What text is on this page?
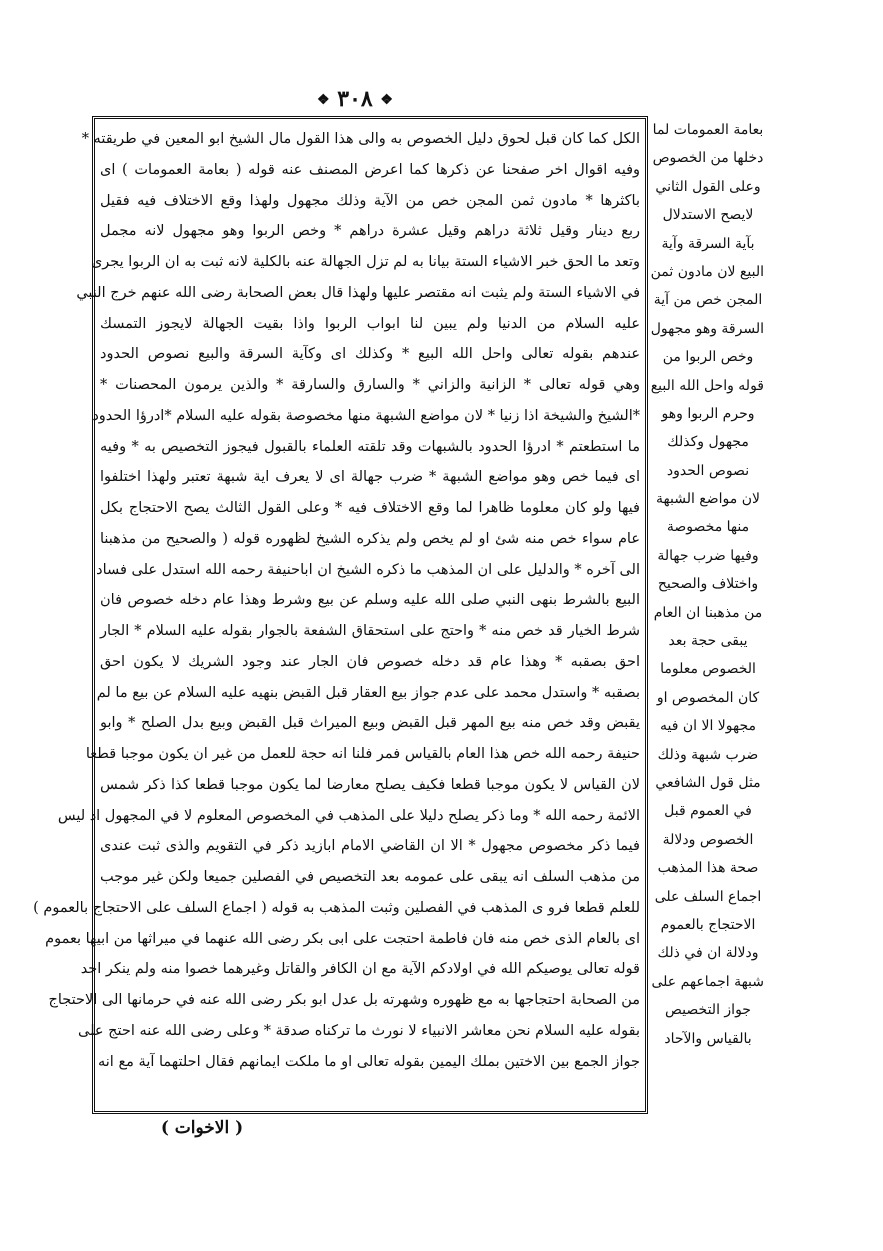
❖ ٣٠٨ ❖
الكل كما كان قبل لحوق دليل الخصوص به والى هذا القول مال الشيخ ابو المعين في طريقته *
وفيه اقوال اخر صفحنا عن ذكرها كما اعرض المصنف عنه قوله ( بعامة العمومات ) اى
باكثرها * مادون ثمن المجن خص من الآية وذلك مجهول ولهذا وقع الاختلاف فيه فقيل
ربع دينار وقيل ثلاثة دراهم وقيل عشرة دراهم * وخص الربوا وهو مجهول لانه مجمل
وتعد ما الحق خبر الاشياء الستة بيانا به لم تزل الجهالة عنه بالكلية لانه ثبت به ان الربوا يجرى
في الاشياء الستة ولم يثبت انه مقتصر عليها ولهذا قال بعض الصحابة رضى الله عنهم خرج النبي
عليه السلام من الدنيا ولم يبين لنا ابواب الربوا واذا بقيت الجهالة لايجوز التمسك
عندهم بقوله تعالى واحل الله البيع * وكذلك اى وكآية السرقة والبيع نصوص الحدود
وهي قوله تعالى * الزانية والزاني * والسارق والسارقة * والذين يرمون المحصنات *
*الشيخ والشيخة اذا زنيا * لان مواضع الشبهة منها مخصوصة بقوله عليه السلام *ادرؤا الحدود
ما استطعتم * ادرؤا الحدود بالشبهات وقد تلقته العلماء بالقبول فيجوز التخصيص به * وفيه
اى فيما خص وهو مواضع الشبهة * ضرب جهالة اى لا يعرف اية شبهة تعتبر ولهذا اختلفوا
فيها ولو كان معلوما ظاهرا لما وقع الاختلاف فيه * وعلى القول الثالث يصح الاحتجاج بكل
عام سواء خص منه شئ او لم يخص ولم يذكره الشيخ لظهوره قوله ( والصحيح من مذهبنا
الى آخره * والدليل على ان المذهب ما ذكره الشيخ ان اباحنيفة رحمه الله استدل على فساد
البيع بالشرط بنهى النبي صلى الله عليه وسلم عن بيع وشرط وهذا عام دخله خصوص فان
شرط الخيار قد خص منه * واحتج على استحقاق الشفعة بالجوار بقوله عليه السلام * الجار
احق بصقبه * وهذا عام قد دخله خصوص فان الجار عند وجود الشريك لا يكون احق
بصقبه * واستدل محمد على عدم جواز بيع العقار قبل القبض بنهيه عليه السلام عن بيع ما لم
يقبض وقد خص منه بيع المهر قبل القبض وبيع الميراث قبل القبض وبيع بدل الصلح * وابو
حنيفة رحمه الله خص هذا العام بالقياس فمر فلنا انه حجة للعمل من غير ان يكون موجبا قطعا
لان القياس لا يكون موجبا قطعا فكيف يصلح معارضا لما يكون موجبا قطعا كذا ذكر شمس
الائمة رحمه الله * وما ذكر يصلح دليلا على المذهب في المخصوص المعلوم لا في المجهول اذ ليس
فيما ذكر مخصوص مجهول * الا ان القاضي الامام ابازيد ذكر في التقويم والذى ثبت عندى
من مذهب السلف انه يبقى على عمومه بعد التخصيص في الفصلين جميعا ولكن غير موجب
للعلم قطعا فرو ى المذهب في الفصلين وثبت المذهب به قوله ( اجماع السلف على الاحتجاج بالعموم )
اى بالعام الذى خص منه فان فاطمة احتجت على ابى بكر رضى الله عنهما في ميراثها من ابيها بعموم
قوله تعالى يوصيكم الله في اولادكم الآية مع ان الكافر والقاتل وغيرهما خصوا منه ولم ينكر احد
من الصحابة احتجاجها به مع ظهوره وشهرته بل عدل ابو بكر رضى الله عنه في حرمانها الى الاحتجاج
بقوله عليه السلام نحن معاشر الانبياء لا نورث ما تركناه صدقة * وعلى رضى الله عنه احتج على
جواز الجمع بين الاختين بملك اليمين بقوله تعالى او ما ملكت ايمانهم فقال احلتهما آية مع انه
بعامة العمومات لما
دخلها من الخصوص
وعلى القول الثاني
لايصح الاستدلال
بآية السرقة وآية
البيع لان مادون ثمن
المجن خص من آية
السرقة وهو مجهول
وخص الربوا من
قوله واحل الله البيع
وحرم الربوا وهو
مجهول وكذلك
نصوص الحدود
لان مواضع الشبهة
منها مخصوصة
وفيها ضرب جهالة
واختلاف والصحيح
من مذهبنا ان العام
يبقى حجة بعد
الخصوص معلوما
كان المخصوص او
مجهولا الا ان فيه
ضرب شبهة وذلك
مثل قول الشافعي
في العموم قبل
الخصوص ودلالة
صحة هذا المذهب
اجماع السلف على
الاحتجاج بالعموم
ودلالة ان في ذلك
شبهة اجماعهم على
جواز التخصيص
بالقياس والآحاد
( الاخوات )
